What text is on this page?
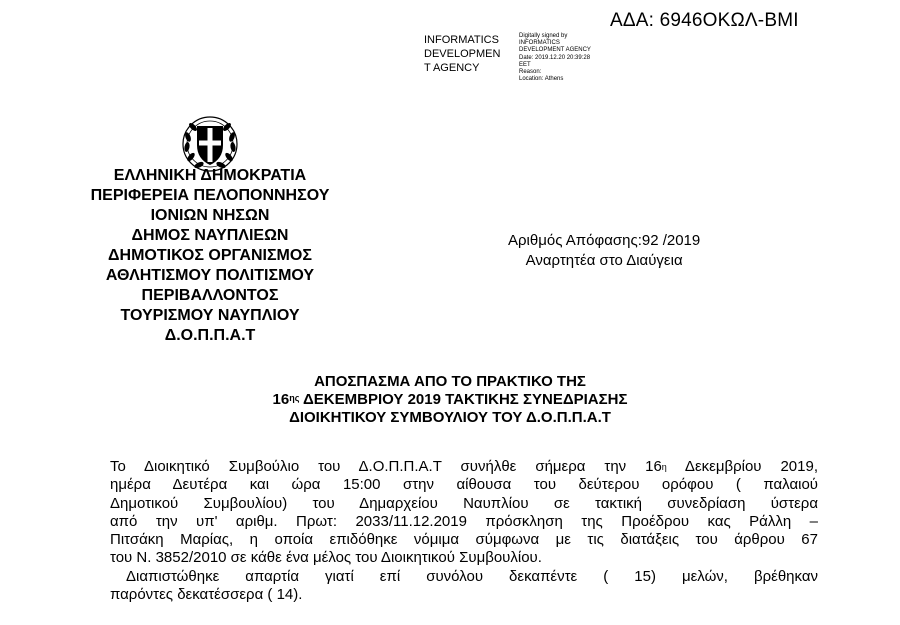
ΑΔΑ: 6946ΟΚΩΛ-ΒΜΙ
INFORMATICS
DEVELOPMEN
T AGENCY
Digitally signed by
INFORMATICS
DEVELOPMENT AGENCY
Date: 2019.12.20 20:39:28
EET
Reason:
Location: Athens
ΕΛΛΗΝΙΚΗ ΔΗΜΟΚΡΑΤΙΑ
ΠΕΡΙΦΕΡΕΙΑ ΠΕΛΟΠΟΝΝΗΣΟΥ
ΙΟΝΙΩΝ ΝΗΣΩΝ
ΔΗΜΟΣ ΝΑΥΠΛΙΕΩΝ
ΔΗΜΟΤΙΚΟΣ ΟΡΓΑΝΙΣΜΟΣ
ΑΘΛΗΤΙΣΜΟΥ ΠΟΛΙΤΙΣΜΟΥ
ΠΕΡΙΒΑΛΛΟΝΤΟΣ
ΤΟΥΡΙΣΜΟΥ ΝΑΥΠΛΙΟΥ
Δ.Ο.Π.Π.Α.Τ
Αριθμός Απόφασης:92 /2019
Αναρτητέα στο Διαύγεια
ΑΠΟΣΠΑΣΜΑ ΑΠΟ ΤΟ ΠΡΑΚΤΙΚΟ ΤΗΣ
$16^{\eta\varsigma}$ ΔΕΚΕΜΒΡΙΟΥ 2019 ΤΑΚΤΙΚΗΣ ΣΥΝΕΔΡΙΑΣΗΣ
ΔΙΟΙΚΗΤΙΚΟΥ ΣΥΜΒΟΥΛΙΟΥ ΤΟΥ Δ.Ο.Π.Π.Α.Τ
Το Διοικητικό Συμβούλιο του Δ.Ο.Π.Π.Α.Τ συνήλθε σήμερα την $16^\eta$ Δεκεμβρίου 2019,
ημέρα Δευτέρα και ώρα 15:00 στην αίθουσα του δεύτερου ορόφου ( παλαιού
Δημοτικού Συμβουλίου) του Δημαρχείου Ναυπλίου σε τακτική συνεδρίαση ύστερα
από την υπ' αριθμ. Πρωτ: 2033/11.12.2019 πρόσκληση της Προέδρου κας Ράλλη –
Πιτσάκη Μαρίας, η οποία επιδόθηκε νόμιμα σύμφωνα με τις διατάξεις του άρθρου 67
του Ν. 3852/2010 σε κάθε ένα μέλος του Διοικητικού Συμβουλίου.
Διαπιστώθηκε απαρτία γιατί επί συνόλου δεκαπέντε ( 15) μελών, βρέθηκαν
παρόντες δεκατέσσερα ( 14).
